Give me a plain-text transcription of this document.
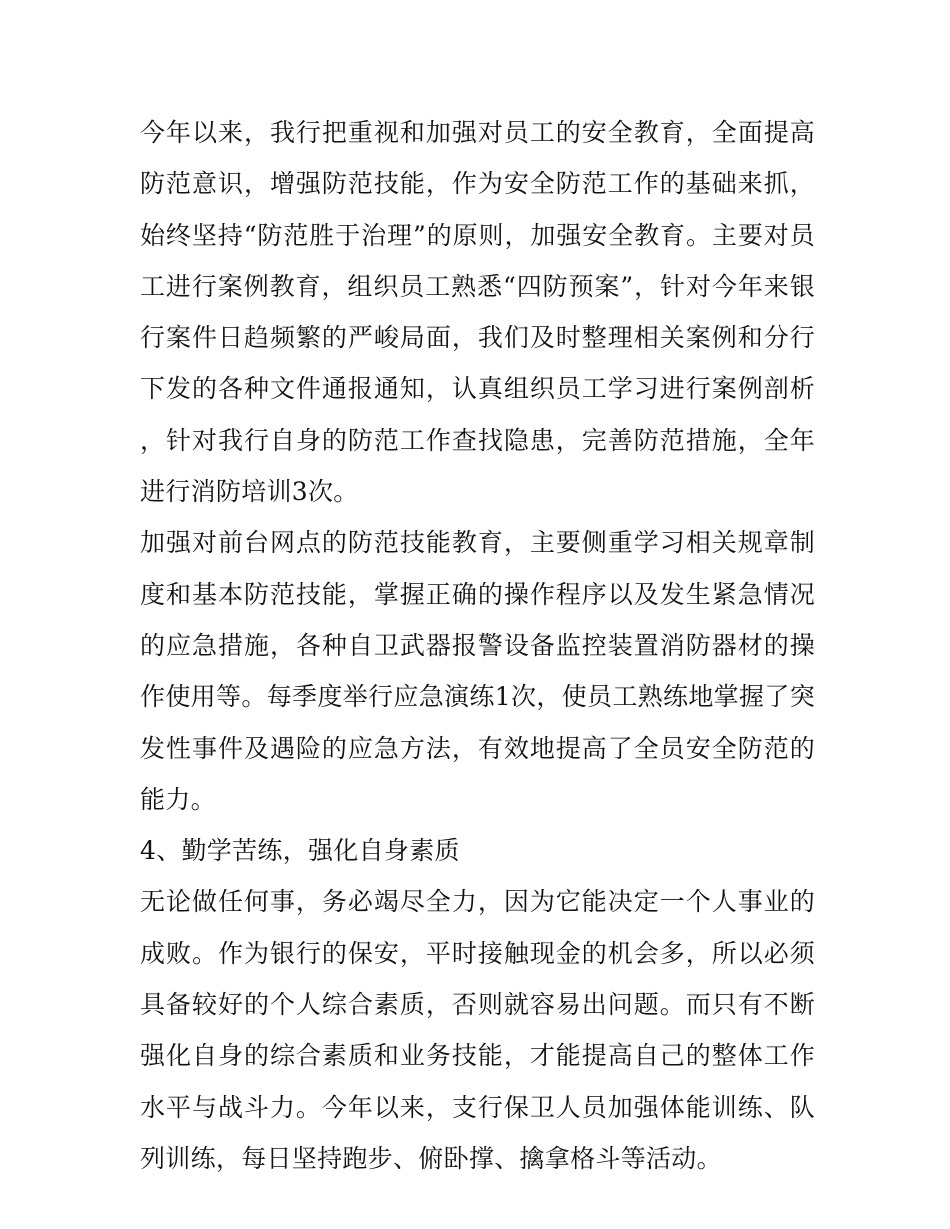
今年以来，我行把重视和加强对员工的安全教育，全面提高防范意识，增强防范技能，作为安全防范工作的基础来抓，始终坚持“防范胜于治理”的原则，加强安全教育。主要对员工进行案例教育，组织员工熟悉“四防预案”，针对今年来银行案件日趋频繁的严峻局面，我们及时整理相关案例和分行下发的各种文件通报通知，认真组织员工学习进行案例剖析，针对我行自身的防范工作查找隐患，完善防范措施，全年进行消防培训3次。

加强对前台网点的防范技能教育，主要侧重学习相关规章制度和基本防范技能，掌握正确的操作程序以及发生紧急情况的应急措施，各种自卫武器报警设备监控装置消防器材的操作使用等。每季度举行应急演练1次，使员工熟练地掌握了突发性事件及遇险的应急方法，有效地提高了全员安全防范的能力。

4、勤学苦练，强化自身素质

无论做任何事，务必竭尽全力，因为它能决定一个人事业的成败。作为银行的保安，平时接触现金的机会多，所以必须具备较好的个人综合素质，否则就容易出问题。而只有不断强化自身的综合素质和业务技能，才能提高自己的整体工作水平与战斗力。今年以来，支行保卫人员加强体能训练、队列训练，每日坚持跑步、俯卧撑、擒拿格斗等活动。
